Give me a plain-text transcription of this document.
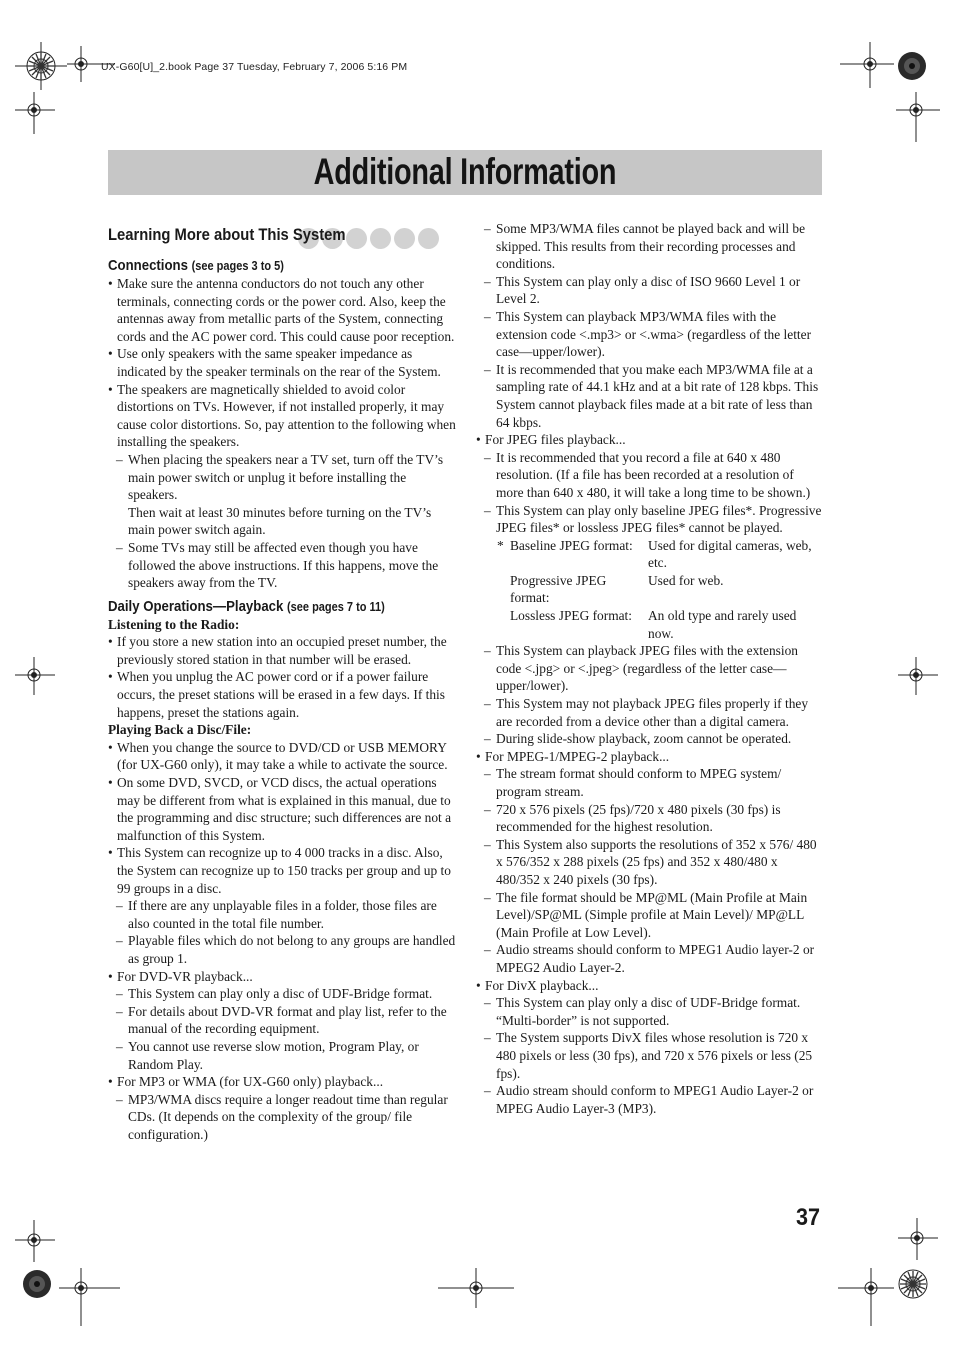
UX-G60[U]_2.book Page 37 Tuesday, February 7, 2006 5:16 PM
Additional Information
Learning More about This System
Connections (see pages 3 to 5)
• Make sure the antenna conductors do not touch any other terminals, connecting cords or the power cord. Also, keep the antennas away from metallic parts of the System, connecting cords and the AC power cord. This could cause poor reception.
• Use only speakers with the same speaker impedance as indicated by the speaker terminals on the rear of the System.
• The speakers are magnetically shielded to avoid color distortions on TVs. However, if not installed properly, it may cause color distortions. So, pay attention to the following when installing the speakers.
– When placing the speakers near a TV set, turn off the TV’s main power switch or unplug it before installing the speakers.
Then wait at least 30 minutes before turning on the TV’s main power switch again.
– Some TVs may still be affected even though you have followed the above instructions. If this happens, move the speakers away from the TV.
Daily Operations—Playback (see pages 7 to 11)
Listening to the Radio:
• If you store a new station into an occupied preset number, the previously stored station in that number will be erased.
• When you unplug the AC power cord or if a power failure occurs, the preset stations will be erased in a few days. If this happens, preset the stations again.
Playing Back a Disc/File:
• When you change the source to DVD/CD or USB MEMORY (for UX-G60 only), it may take a while to activate the source.
• On some DVD, SVCD, or VCD discs, the actual operations may be different from what is explained in this manual, due to the programming and disc structure; such differences are not a malfunction of this System.
• This System can recognize up to 4 000 tracks in a disc. Also, the System can recognize up to 150 tracks per group and up to 99 groups in a disc.
– If there are any unplayable files in a folder, those files are also counted in the total file number.
– Playable files which do not belong to any groups are handled as group 1.
• For DVD-VR playback...
– This System can play only a disc of UDF-Bridge format.
– For details about DVD-VR format and play list, refer to the manual of the recording equipment.
– You cannot use reverse slow motion, Program Play, or Random Play.
• For MP3 or WMA (for UX-G60 only) playback...
– MP3/WMA discs require a longer readout time than regular CDs. (It depends on the complexity of the group/ file configuration.)
– Some MP3/WMA files cannot be played back and will be skipped. This results from their recording processes and conditions.
– This System can play only a disc of ISO 9660 Level 1 or Level 2.
– This System can playback MP3/WMA files with the extension code <.mp3> or <.wma> (regardless of the letter case—upper/lower).
– It is recommended that you make each MP3/WMA file at a sampling rate of 44.1 kHz and at a bit rate of 128 kbps. This System cannot playback files made at a bit rate of less than 64 kbps.
• For JPEG files playback...
– It is recommended that you record a file at 640 x 480 resolution. (If a file has been recorded at a resolution of more than 640 x 480, it will take a long time to be shown.)
– This System can play only baseline JPEG files*. Progressive JPEG files* or lossless JPEG files* cannot be played.
* Baseline JPEG format:	Used for digital cameras, web, etc.
Progressive JPEG format:
Used for web.
Lossless JPEG format:	An old type and rarely used now.
– This System can playback JPEG files with the extension code <.jpg> or <.jpeg> (regardless of the letter case—upper/lower).
– This System may not playback JPEG files properly if they are recorded from a device other than a digital camera.
– During slide-show playback, zoom cannot be operated.
• For MPEG-1/MPEG-2 playback...
– The stream format should conform to MPEG system/ program stream.
– 720 x 576 pixels (25 fps)/720 x 480 pixels (30 fps) is recommended for the highest resolution.
– This System also supports the resolutions of 352 x 576/ 480 x 576/352 x 288 pixels (25 fps) and 352 x 480/480 x 480/352 x 240 pixels (30 fps).
– The file format should be MP@ML (Main Profile at Main Level)/SP@ML (Simple profile at Main Level)/ MP@LL (Main Profile at Low Level).
– Audio streams should conform to MPEG1 Audio layer-2 or MPEG2 Audio Layer-2.
• For DivX playback...
– This System can play only a disc of UDF-Bridge format. “Multi-border” is not supported.
– The System supports DivX files whose resolution is 720 x 480 pixels or less (30 fps), and 720 x 576 pixels or less (25 fps).
– Audio stream should conform to MPEG1 Audio Layer-2 or MPEG Audio Layer-3 (MP3).
37
